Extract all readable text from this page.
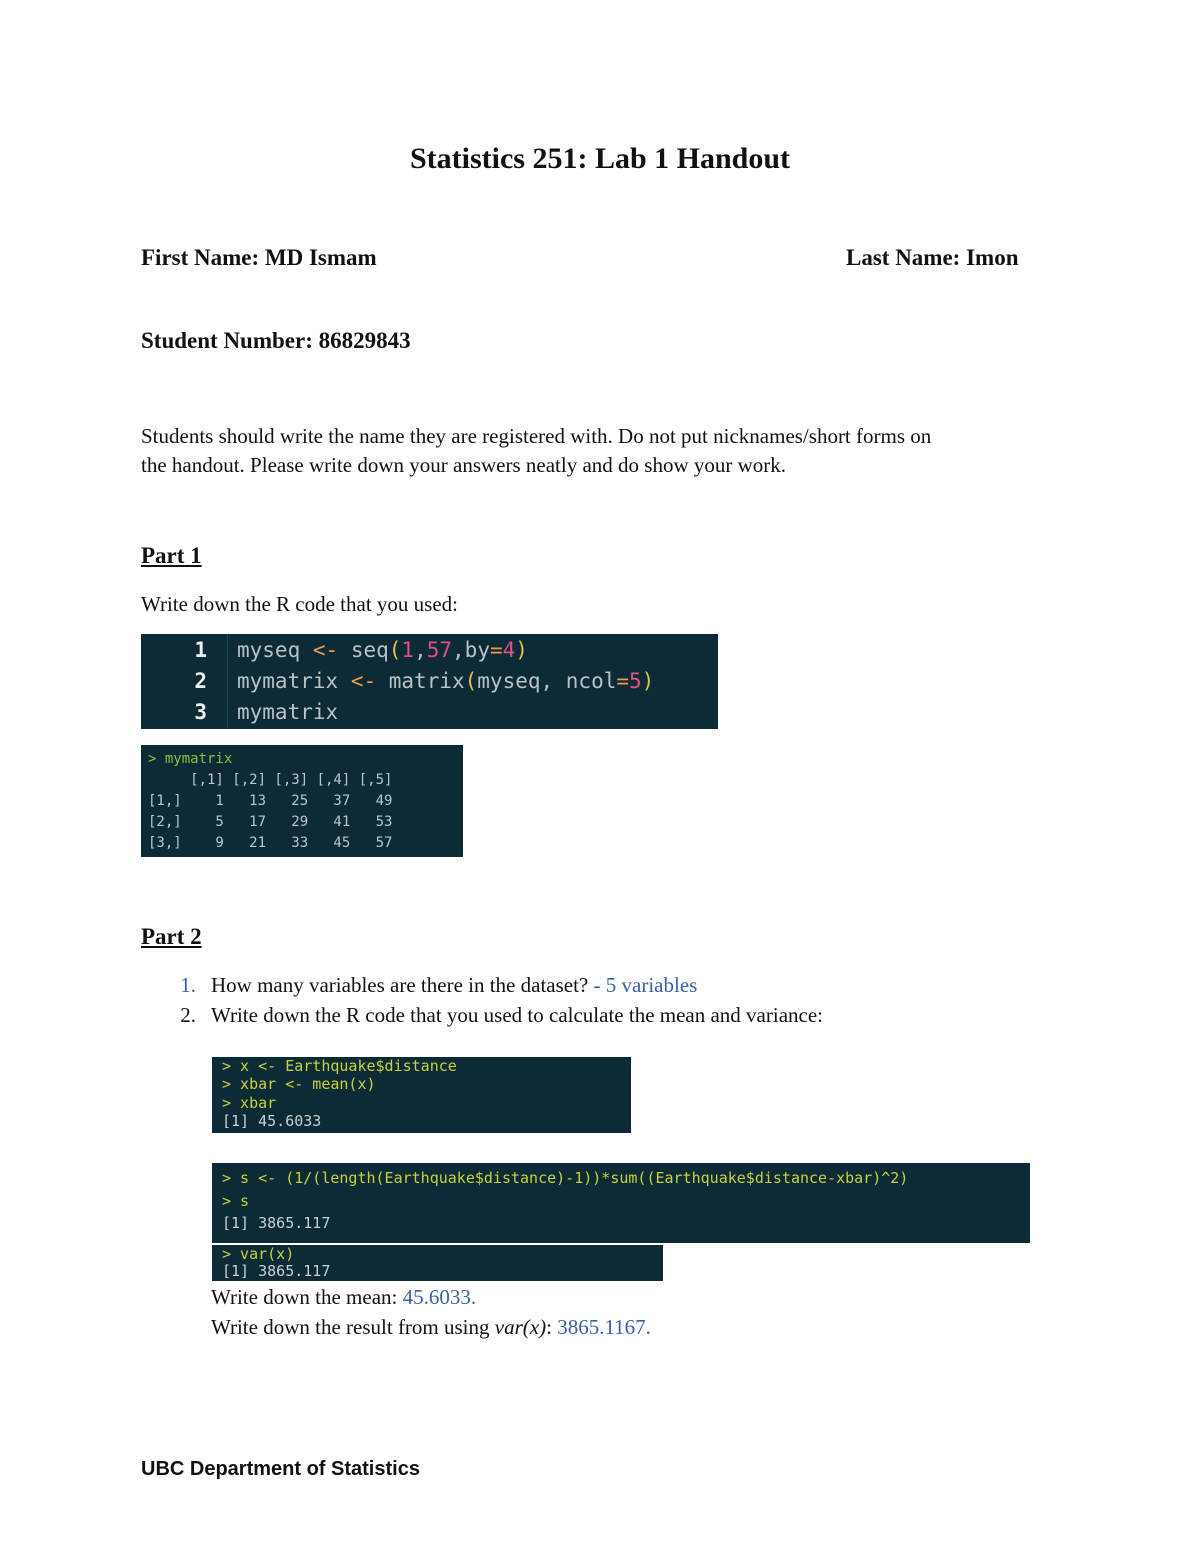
Statistics 251: Lab 1 Handout
First Name: MD Ismam	Last Name: Imon
Student Number: 86829843
Students should write the name they are registered with. Do not put nicknames/short forms on
the handout. Please write down your answers neatly and do show your work.
Part 1
Write down the R code that you used:
1 myseq <- seq(1,57,by=4)
2 mymatrix <- matrix(myseq, ncol=5)
3 mymatrix
> mymatrix
[,1] [,2] [,3] [,4] [,5]
[1,]    1   13   25   37   49
[2,]    5   17   29   41   53
[3,]    9   21   33   45   57
Part 2
1. How many variables are there in the dataset? - 5 variables
2. Write down the R code that you used to calculate the mean and variance:
> x <- Earthquake$distance
> xbar <- mean(x)
> xbar
[1] 45.6033
> s <- (1/(length(Earthquake$distance)-1))*sum((Earthquake$distance-xbar)^2)
> s
[1] 3865.117
> var(x)
[1] 3865.117
Write down the mean: 45.6033.
Write down the result from using var(x): 3865.1167.
UBC Department of Statistics
